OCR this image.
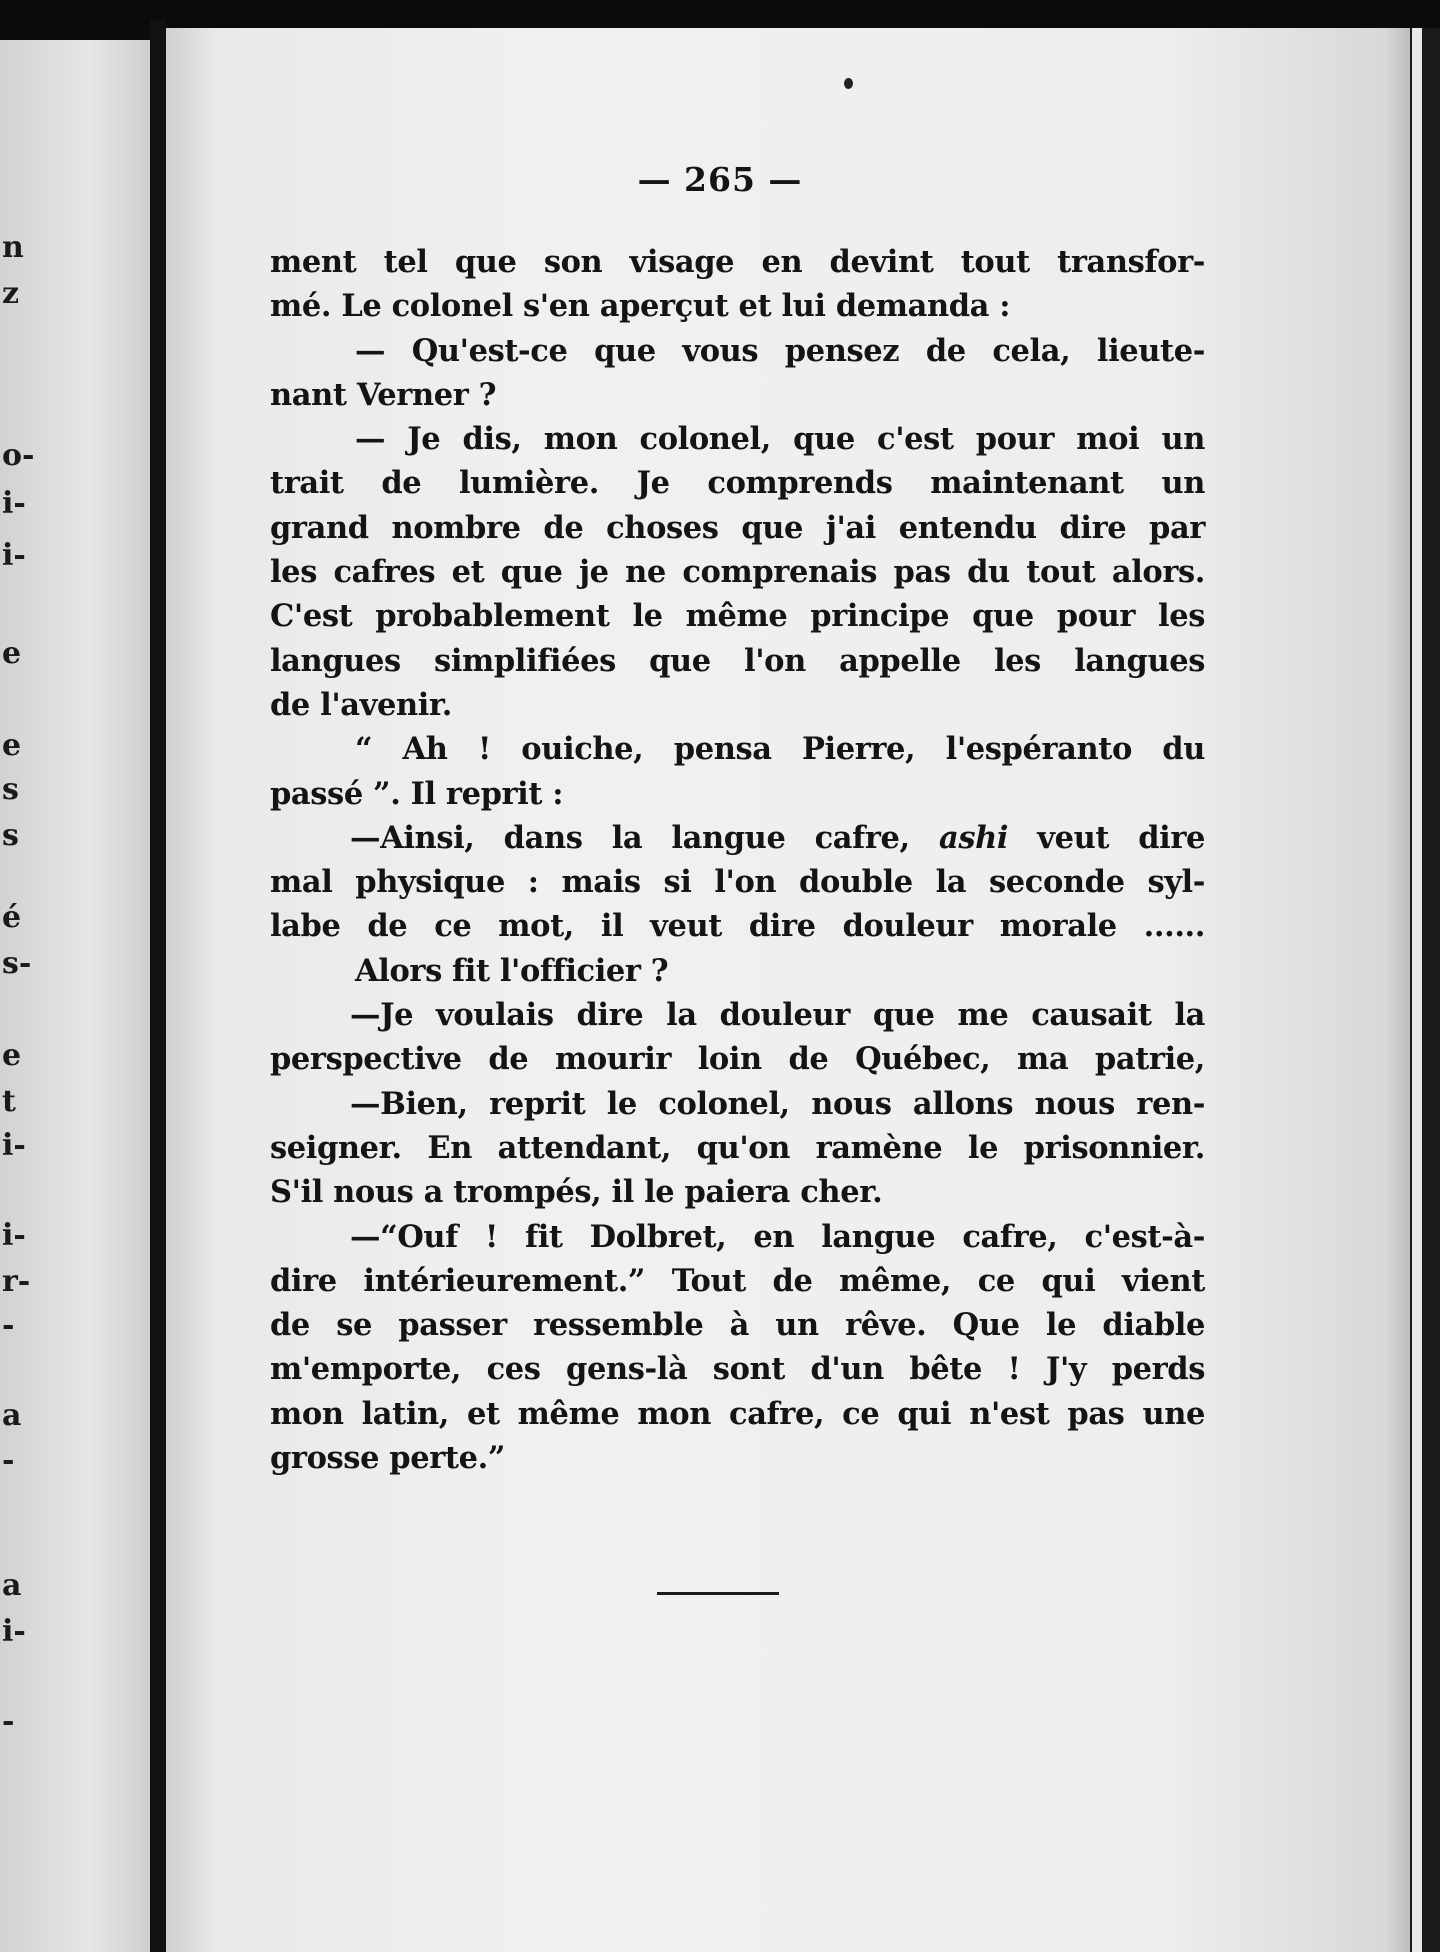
n
z
o-
i-
i-
e
e
s
s
é
s-
e
t
i-
i-
r-
-
a
-
a
i-
-
— 265 —
ment tel que son visage en devint tout transfor-
mé. Le colonel s'en aperçut et lui demanda :
— Qu'est-ce que vous pensez de cela, lieute-
nant Verner ?
— Je dis, mon colonel, que c'est pour moi un
trait de lumière. Je comprends maintenant un
grand nombre de choses que j'ai entendu dire par
les cafres et que je ne comprenais pas du tout alors.
C'est probablement le même principe que pour les
langues simplifiées que l'on appelle les langues
de l'avenir.
“ Ah ! ouiche, pensa Pierre, l'espéranto du
passé ”. Il reprit :
—Ainsi, dans la langue cafre, ashi veut dire
mal physique : mais si l'on double la seconde syl-
labe de ce mot, il veut dire douleur morale ......
Alors fit l'officier ?
—Je voulais dire la douleur que me causait la
perspective de mourir loin de Québec, ma patrie,
—Bien, reprit le colonel, nous allons nous ren-
seigner. En attendant, qu'on ramène le prisonnier.
S'il nous a trompés, il le paiera cher.
—“Ouf ! fit Dolbret, en langue cafre, c'est-à-
dire intérieurement.” Tout de même, ce qui vient
de se passer ressemble à un rêve. Que le diable
m'emporte, ces gens-là sont d'un bête ! J'y perds
mon latin, et même mon cafre, ce qui n'est pas une
grosse perte.”
